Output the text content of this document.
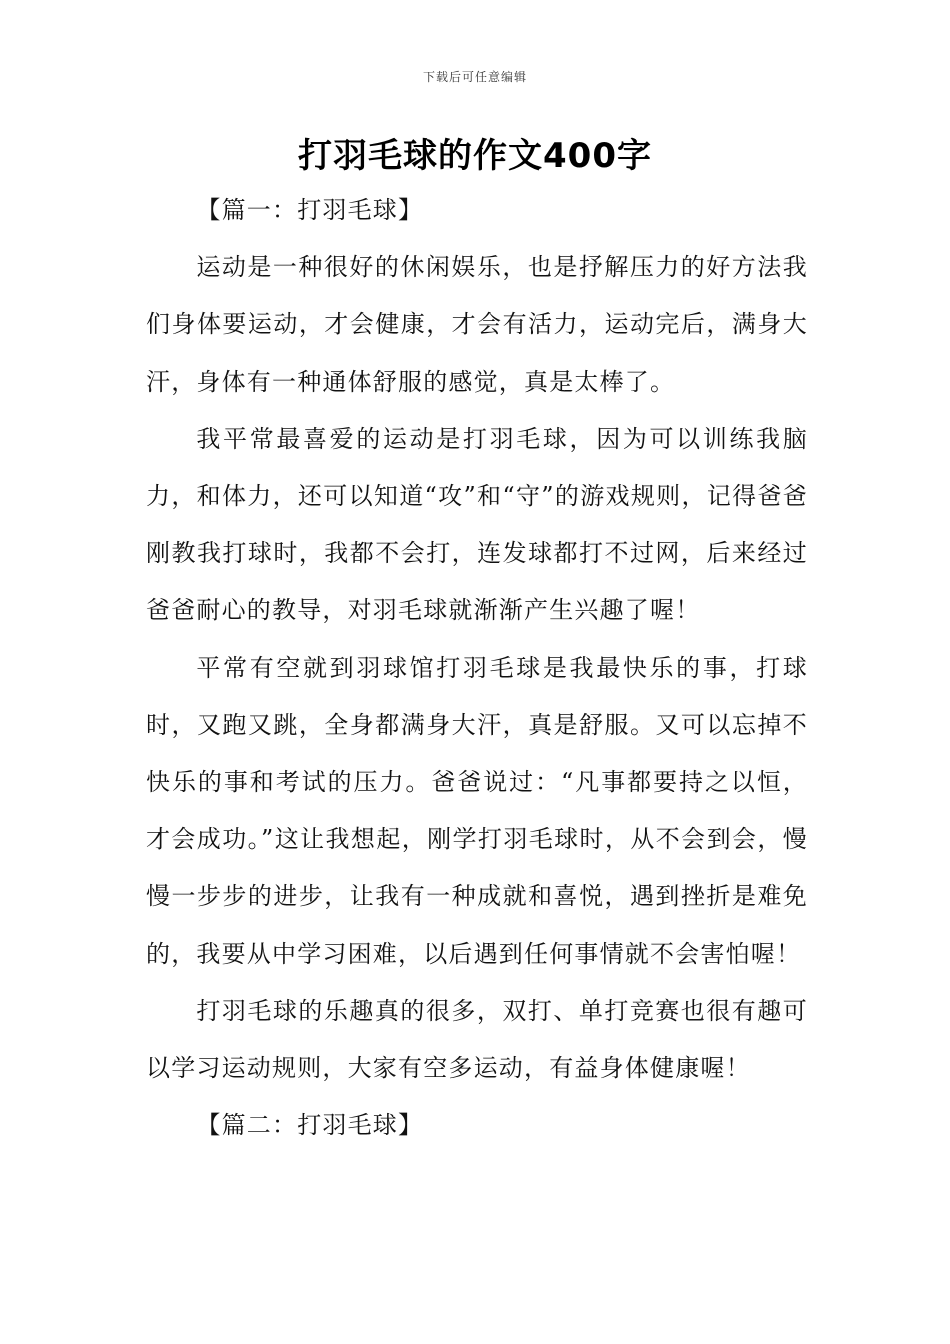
下载后可任意编辑
打羽毛球的作文400字

【篇一：打羽毛球】

运动是一种很好的休闲娱乐，也是抒解压力的好方法我们身体要运动，才会健康，才会有活力，运动完后，满身大汗，身体有一种通体舒服的感觉，真是太棒了。

我平常最喜爱的运动是打羽毛球，因为可以训练我脑力，和体力，还可以知道“攻”和“守”的游戏规则，记得爸爸刚教我打球时，我都不会打，连发球都打不过网，后来经过爸爸耐心的教导，对羽毛球就渐渐产生兴趣了喔！

平常有空就到羽球馆打羽毛球是我最快乐的事，打球时，又跑又跳，全身都满身大汗，真是舒服。又可以忘掉不快乐的事和考试的压力。爸爸说过：“凡事都要持之以恒，才会成功。”这让我想起，刚学打羽毛球时，从不会到会，慢慢一步步的进步，让我有一种成就和喜悦，遇到挫折是难免的，我要从中学习困难，以后遇到任何事情就不会害怕喔！

打羽毛球的乐趣真的很多，双打、单打竞赛也很有趣可以学习运动规则，大家有空多运动，有益身体健康喔！

【篇二：打羽毛球】
